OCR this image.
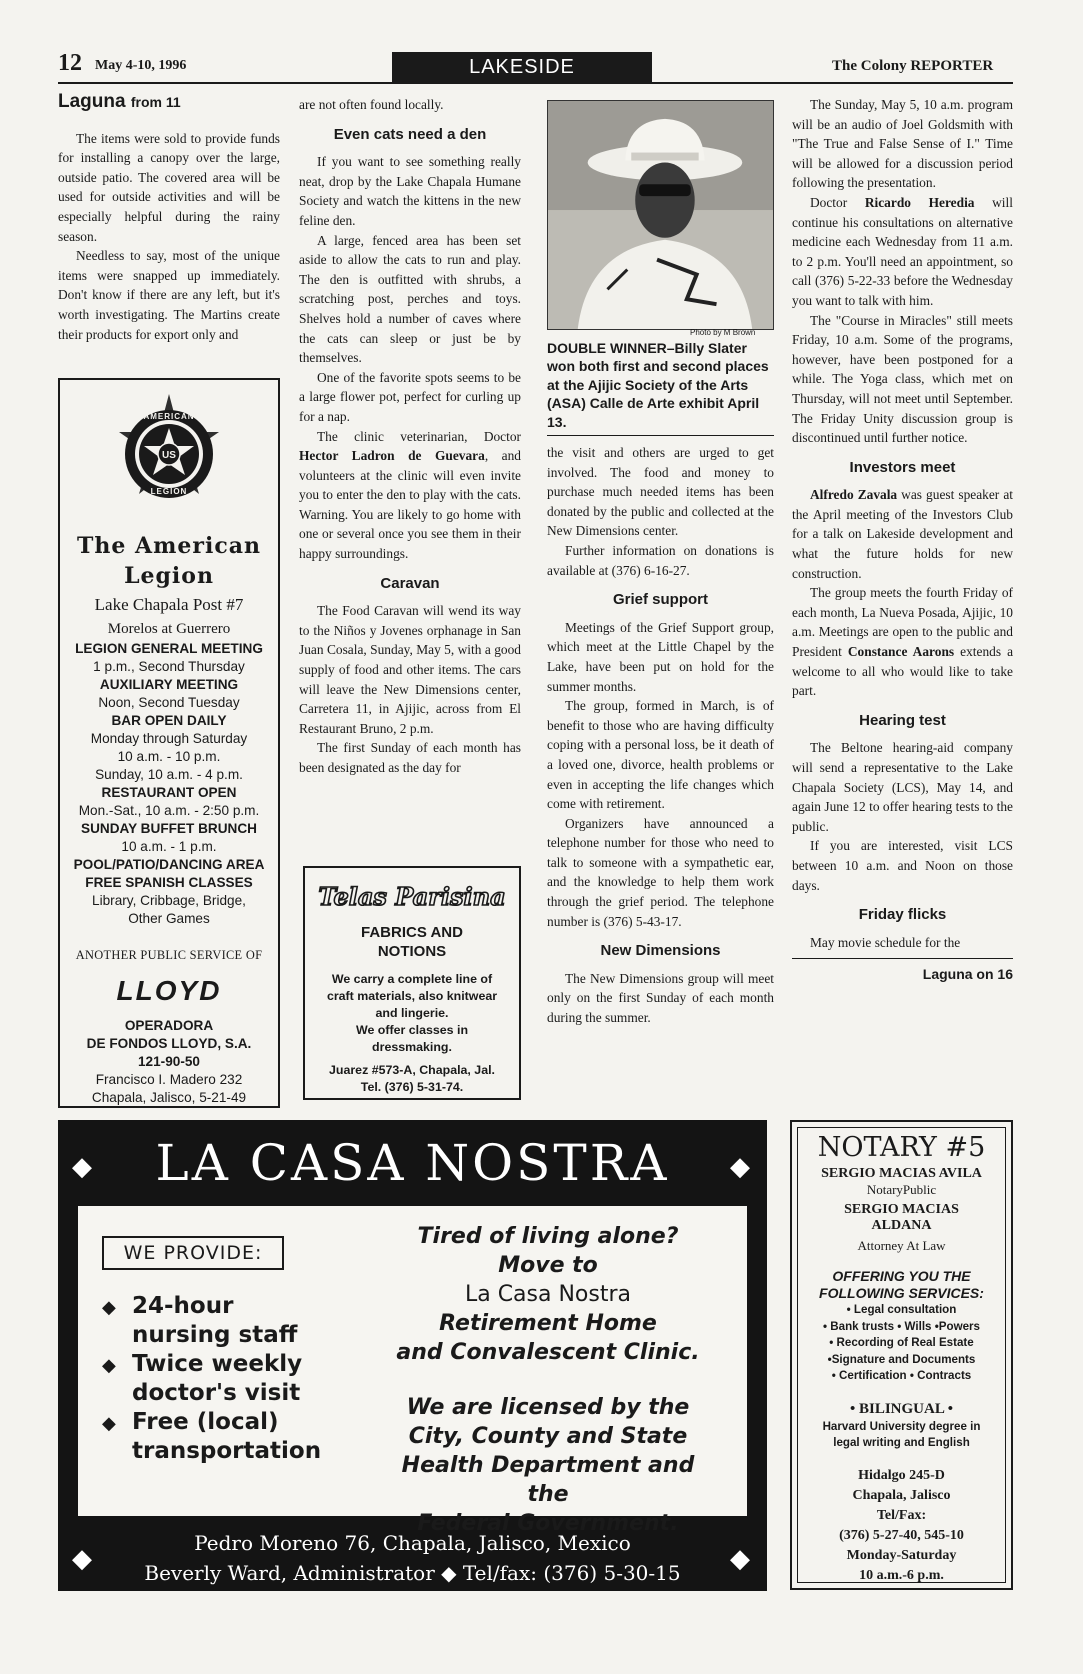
12 May 4-10, 1996	LAKESIDE	The Colony REPORTER
Laguna from 11

The items were sold to provide funds for installing a canopy over the large, outside patio. The covered area will be used for outside activities and will be especially helpful during the rainy season.

Needless to say, most of the unique items were snapped up immediately. Don't know if there are any left, but it's worth investigating. The Martins create their products for export only and

US
AMERICAN
LEGION
The American
Legion
Lake Chapala Post #7
Morelos at Guerrero
LEGION GENERAL MEETING
1 p.m., Second Thursday
AUXILIARY MEETING
Noon, Second Tuesday
BAR OPEN DAILY
Monday through Saturday
10 a.m. - 10 p.m.
Sunday, 10 a.m. - 4 p.m.
RESTAURANT OPEN
Mon.-Sat., 10 a.m. - 2:50 p.m.
SUNDAY BUFFET BRUNCH
10 a.m. - 1 p.m.
POOL/PATIO/DANCING AREA
FREE SPANISH CLASSES
Library, Cribbage, Bridge,
Other Games
ANOTHER PUBLIC SERVICE OF
LLOYD
OPERADORA
DE FONDOS LLOYD, S.A.
121-90-50
Francisco I. Madero 232
Chapala, Jalisco, 5-21-49

are not often found locally.

Even cats need a den

If you want to see something really neat, drop by the Lake Chapala Humane Society and watch the kittens in the new feline den.

A large, fenced area has been set aside to allow the cats to run and play. The den is outfitted with shrubs, a scratching post, perches and toys. Shelves hold a number of caves where the cats can sleep or just be by themselves.

One of the favorite spots seems to be a large flower pot, perfect for curling up for a nap.

The clinic veterinarian, Doctor Hector Ladron de Guevara, and volunteers at the clinic will even invite you to enter the den to play with the cats. Warning. You are likely to go home with one or several once you see them in their happy surroundings.

Caravan

The Food Caravan will wend its way to the Niños y Jovenes orphanage in San Juan Cosala, Sunday, May 5, with a good supply of food and other items. The cars will leave the New Dimensions center, Carretera 11, in Ajijic, across from El Restaurant Bruno, 2 p.m.

The first Sunday of each month has been designated as the day for

Telas Parisina
FABRICS AND
NOTIONS
We carry a complete line of
craft materials, also knitwear
and lingerie.
We offer classes in
dressmaking.
Juarez #573-A, Chapala, Jal.
Tel. (376) 5-31-74.
Photo by M Brown
DOUBLE WINNER–Billy Slater won both first and second places at the Ajijic Society of the Arts (ASA) Calle de Arte exhibit April 13.

the visit and others are urged to get involved. The food and money to purchase much needed items has been donated by the public and collected at the New Dimensions center.

Further information on donations is available at (376) 6-16-27.

Grief support

Meetings of the Grief Support group, which meet at the Little Chapel by the Lake, have been put on hold for the summer months.

The group, formed in March, is of benefit to those who are having difficulty coping with a personal loss, be it death of a loved one, divorce, health problems or even in accepting the life changes which come with retirement.

Organizers have announced a telephone number for those who need to talk to someone with a sympathetic ear, and the knowledge to help them work through the grief period. The telephone number is (376) 5-43-17.

New Dimensions

The New Dimensions group will meet only on the first Sunday of each month during the summer.

The Sunday, May 5, 10 a.m. program will be an audio of Joel Goldsmith with "The True and False Sense of I." Time will be allowed for a discussion period following the presentation.

Doctor Ricardo Heredia will continue his consultations on alternative medicine each Wednesday from 11 a.m. to 2 p.m. You'll need an appointment, so call (376) 5-22-33 before the Wednesday you want to talk with him.

The "Course in Miracles" still meets Friday, 10 a.m. Some of the programs, however, have been postponed for a while. The Yoga class, which met on Thursday, will not meet until September. The Friday Unity discussion group is discontinued until further notice.

Investors meet

Alfredo Zavala was guest speaker at the April meeting of the Investors Club for a talk on Lakeside development and what the future holds for new construction.

The group meets the fourth Friday of each month, La Nueva Posada, Ajijic, 10 a.m. Meetings are open to the public and President Constance Aarons extends a welcome to all who would like to take part.

Hearing test

The Beltone hearing-aid company will send a representative to the Lake Chapala Society (LCS), May 14, and again June 12 to offer hearing tests to the public.

If you are interested, visit LCS between 10 a.m. and Noon on those days.

Friday flicks

May movie schedule for the

Laguna on 16
◆	◆
LA CASA NOSTRA
WE PROVIDE:
◆ 24-hour
nursing staff
◆ Twice weekly
doctor's visit
◆ Free (local)
transportation
Tired of living alone?
Move to
La Casa Nostra
Retirement Home
and Convalescent Clinic.
We are licensed by the
City, County and State
Health Department and the
Federal Government.
◆	◆
Pedro Moreno 76, Chapala, Jalisco, Mexico
Beverly Ward, Administrator ◆ Tel/fax: (376) 5-30-15
NOTARY #5
SERGIO MACIAS AVILA
NotaryPublic
SERGIO MACIAS
ALDANA
Attorney At Law
OFFERING YOU THE
FOLLOWING SERVICES:
• Legal consultation
• Bank trusts • Wills •Powers
• Recording of Real Estate
•Signature and Documents
• Certification • Contracts
• BILINGUAL •
Harvard University degree in
legal writing and English
Hidalgo 245-D
Chapala, Jalisco
Tel/Fax:
(376) 5-27-40, 545-10
Monday-Saturday
10 a.m.-6 p.m.
